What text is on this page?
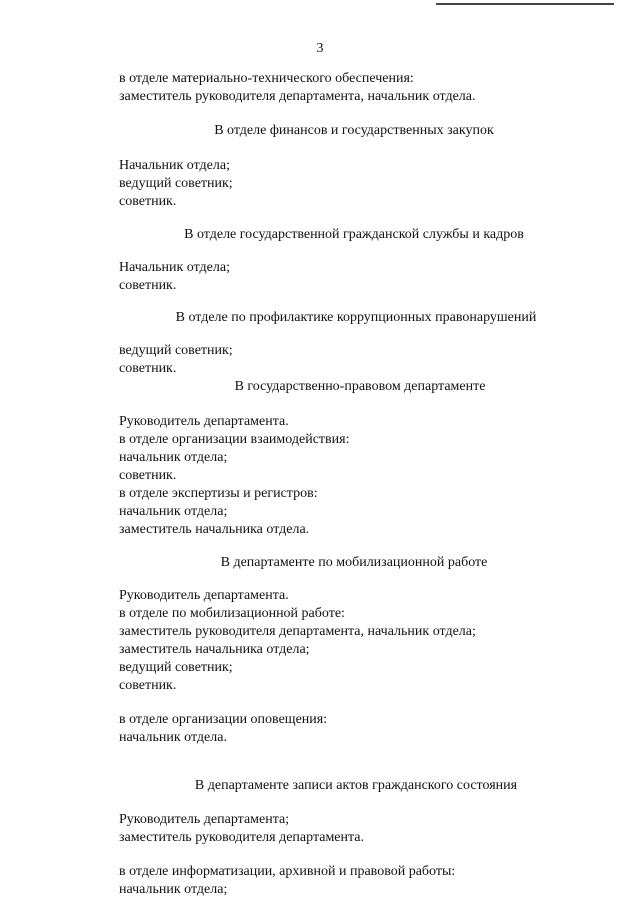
3
в отделе материально-технического обеспечения:
заместитель руководителя департамента, начальник отдела.
В отделе финансов и государственных закупок
Начальник отдела;
ведущий советник;
советник.
В отделе государственной гражданской службы и кадров
Начальник отдела;
советник.
В отделе по профилактике коррупционных правонарушений
ведущий советник;
советник.
В государственно-правовом департаменте
Руководитель департамента.
в отделе организации взаимодействия:
начальник отдела;
советник.
в отделе экспертизы и регистров:
начальник отдела;
заместитель начальника отдела.
В департаменте по мобилизационной работе
Руководитель департамента.
в отделе по мобилизационной работе:
заместитель руководителя департамента, начальник отдела;
заместитель начальника отдела;
ведущий советник;
советник.
в отделе организации оповещения:
начальник отдела.
В департаменте записи актов гражданского состояния
Руководитель департамента;
заместитель руководителя департамента.
в отделе информатизации, архивной и правовой работы:
начальник отдела;
